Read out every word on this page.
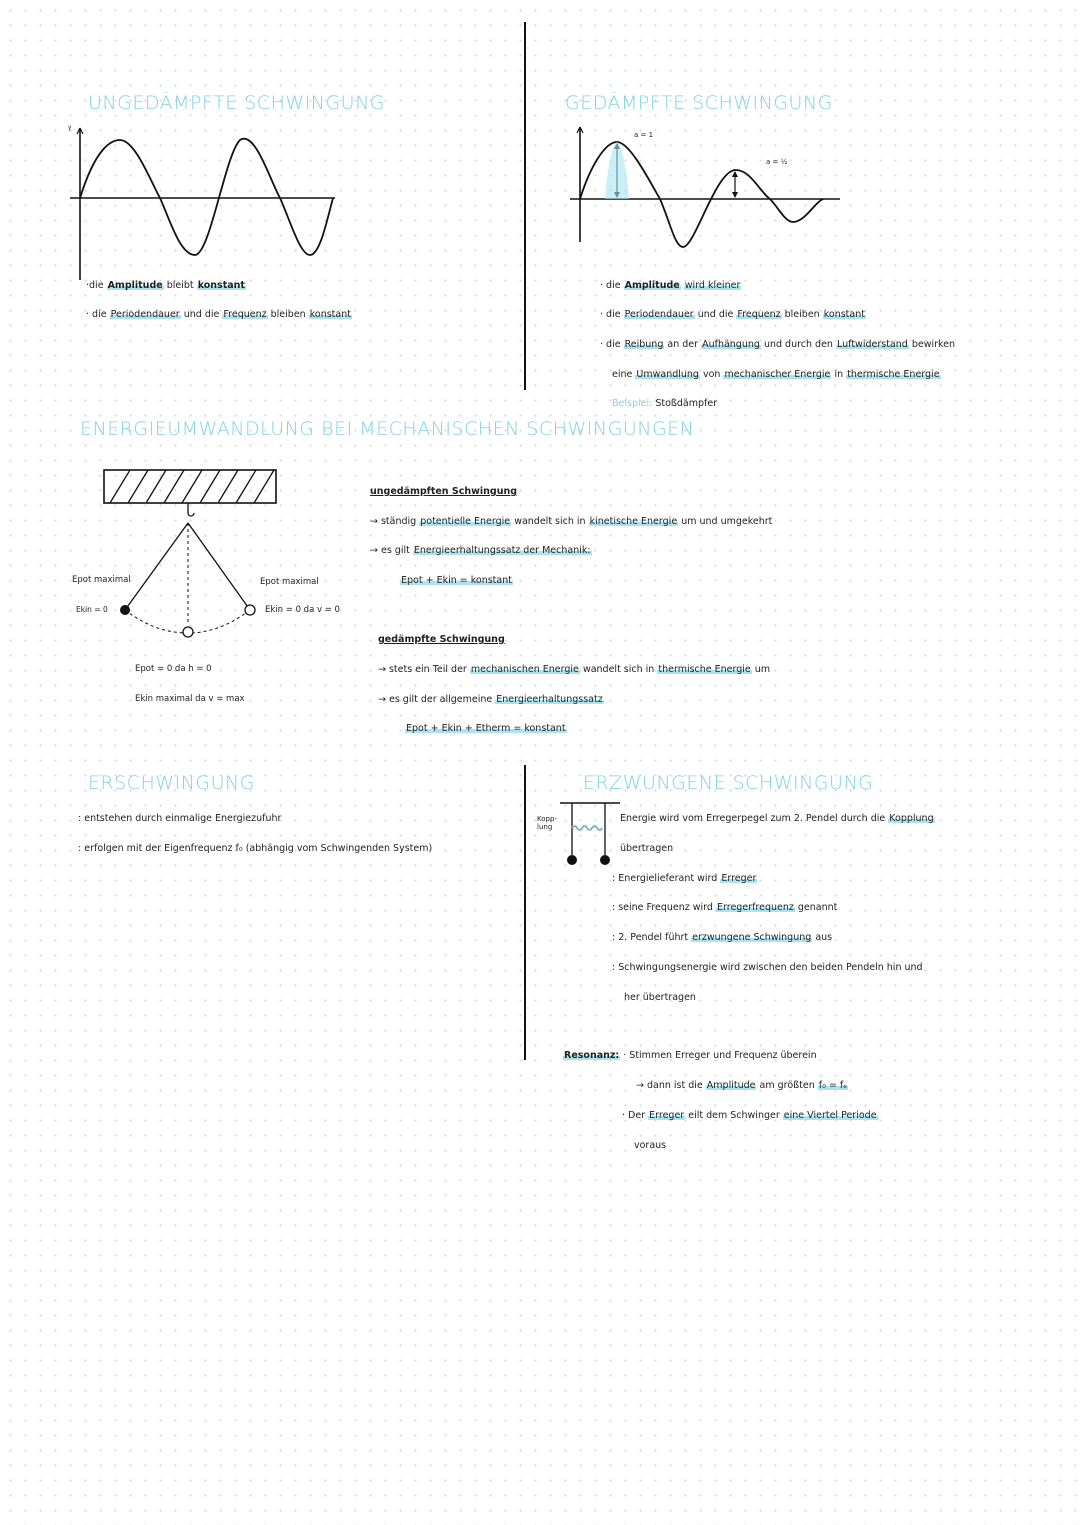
UNGEDÄMPFTE SCHWINGUNG
y
·die Amplitude bleibt konstant
· die Periodendauer und die Frequenz bleiben konstant
GEDÄMPFTE SCHWINGUNG
a = 1
a = ½
· die Amplitude wird kleiner
· die Periodendauer und die Frequenz bleiben konstant
· die Reibung an der Aufhängung und durch den Luftwiderstand bewirken
eine Umwandlung von mechanischer Energie in thermische Energie
Beispiel: Stoßdämpfer
ENERGIEUMWANDLUNG BEI MECHANISCHEN SCHWINGUNGEN
Epot maximal
Ekin = 0
Epot maximal
Ekin = 0 da v = 0
Epot = 0 da h = 0
Ekin maximal da v = max
ungedämpften Schwingung
→ ständig potentielle Energie wandelt sich in kinetische Energie um und umgekehrt
→ es gilt Energieerhaltungssatz der Mechanik:
Epot + Ekin = konstant
gedämpfte Schwingung
→ stets ein Teil der mechanischen Energie wandelt sich in thermische Energie um
→ es gilt der allgemeine Energieerhaltungssatz
Epot + Ekin + Etherm = konstant
ERSCHWINGUNG
: entstehen durch einmalige Energiezufuhr
: erfolgen mit der Eigenfrequenz f₀ (abhängig vom Schwingenden System)
ERZWUNGENE SCHWINGUNG
Kopp-lung
Energie wird vom Erregerpegel zum 2. Pendel durch die Kopplung
übertragen
: Energielieferant wird Erreger
: seine Frequenz wird Erregerfrequenz genannt
: 2. Pendel führt erzwungene Schwingung aus
: Schwingungsenergie wird zwischen den beiden Pendeln hin und
her übertragen
Resonanz: · Stimmen Erreger und Frequenz überein
→ dann ist die Amplitude am größten f₀ = fₑ
· Der Erreger eilt dem Schwinger eine Viertel Periode
voraus
